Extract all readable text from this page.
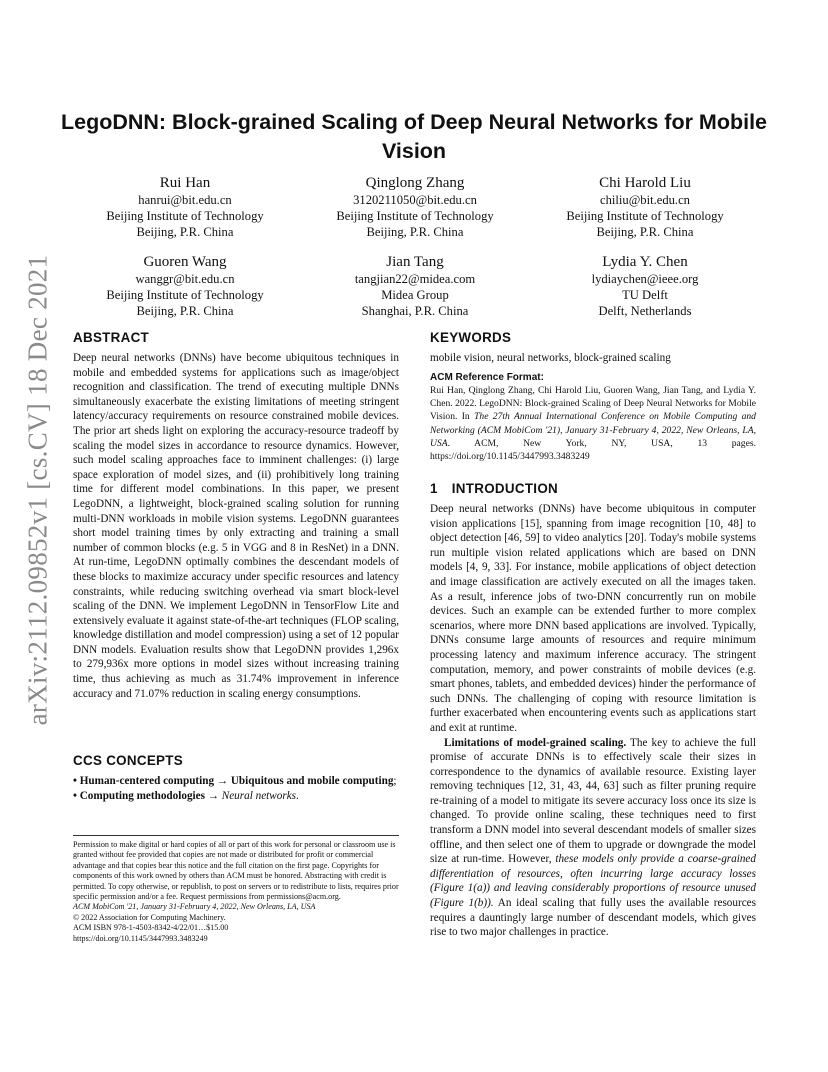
arXiv:2112.09852v1 [cs.CV] 18 Dec 2021
LegoDNN: Block-grained Scaling of Deep Neural Networks for Mobile Vision
Rui Han
hanrui@bit.edu.cn
Beijing Institute of Technology
Beijing, P.R. China
Qinglong Zhang
3120211050@bit.edu.cn
Beijing Institute of Technology
Beijing, P.R. China
Chi Harold Liu
chiliu@bit.edu.cn
Beijing Institute of Technology
Beijing, P.R. China
Guoren Wang
wanggr@bit.edu.cn
Beijing Institute of Technology
Beijing, P.R. China
Jian Tang
tangjian22@midea.com
Midea Group
Shanghai, P.R. China
Lydia Y. Chen
lydiaychen@ieee.org
TU Delft
Delft, Netherlands
ABSTRACT

Deep neural networks (DNNs) have become ubiquitous techniques in mobile and embedded systems for applications such as image/object recognition and classification. The trend of executing multiple DNNs simultaneously exacerbate the existing limitations of meeting stringent latency/accuracy requirements on resource constrained mobile devices. The prior art sheds light on exploring the accuracy-resource tradeoff by scaling the model sizes in accordance to resource dynamics. However, such model scaling approaches face to imminent challenges: (i) large space exploration of model sizes, and (ii) prohibitively long training time for different model combinations. In this paper, we present LegoDNN, a lightweight, block-grained scaling solution for running multi-DNN workloads in mobile vision systems. LegoDNN guarantees short model training times by only extracting and training a small number of common blocks (e.g. 5 in VGG and 8 in ResNet) in a DNN. At run-time, LegoDNN optimally combines the descendant models of these blocks to maximize accuracy under specific resources and latency constraints, while reducing switching overhead via smart block-level scaling of the DNN. We implement LegoDNN in TensorFlow Lite and extensively evaluate it against state-of-the-art techniques (FLOP scaling, knowledge distillation and model compression) using a set of 12 popular DNN models. Evaluation results show that LegoDNN provides 1,296x to 279,936x more options in model sizes without increasing training time, thus achieving as much as 31.74% improvement in inference accuracy and 71.07% reduction in scaling energy consumptions.

CCS CONCEPTS

• Human-centered computing → Ubiquitous and mobile computing; • Computing methodologies → Neural networks.

Permission to make digital or hard copies of all or part of this work for personal or classroom use is granted without fee provided that copies are not made or distributed for profit or commercial advantage and that copies bear this notice and the full citation on the first page. Copyrights for components of this work owned by others than ACM must be honored. Abstracting with credit is permitted. To copy otherwise, or republish, to post on servers or to redistribute to lists, requires prior specific permission and/or a fee. Request permissions from permissions@acm.org.

ACM MobiCom '21, January 31-February 4, 2022, New Orleans, LA, USA

© 2022 Association for Computing Machinery.

ACM ISBN 978-1-4503-8342-4/22/01…$15.00

https://doi.org/10.1145/3447993.3483249

KEYWORDS

mobile vision, neural networks, block-grained scaling

ACM Reference Format:

Rui Han, Qinglong Zhang, Chi Harold Liu, Guoren Wang, Jian Tang, and Lydia Y. Chen. 2022. LegoDNN: Block-grained Scaling of Deep Neural Networks for Mobile Vision. In The 27th Annual International Conference on Mobile Computing and Networking (ACM MobiCom '21), January 31-February 4, 2022, New Orleans, LA, USA. ACM, New York, NY, USA, 13 pages. https://doi.org/10.1145/3447993.3483249

1 INTRODUCTION

Deep neural networks (DNNs) have become ubiquitous in computer vision applications [15], spanning from image recognition [10, 48] to object detection [46, 59] to video analytics [20]. Today's mobile systems run multiple vision related applications which are based on DNN models [4, 9, 33]. For instance, mobile applications of object detection and image classification are actively executed on all the images taken. As a result, inference jobs of two-DNN concurrently run on mobile devices. Such an example can be extended further to more complex scenarios, where more DNN based applications are involved. Typically, DNNs consume large amounts of resources and require minimum processing latency and maximum inference accuracy. The stringent computation, memory, and power constraints of mobile devices (e.g. smart phones, tablets, and embedded devices) hinder the performance of such DNNs. The challenging of coping with resource limitation is further exacerbated when encountering events such as applications start and exit at runtime.

Limitations of model-grained scaling. The key to achieve the full promise of accurate DNNs is to effectively scale their sizes in correspondence to the dynamics of available resource. Existing layer removing techniques [12, 31, 43, 44, 63] such as filter pruning require re-training of a model to mitigate its severe accuracy loss once its size is changed. To provide online scaling, these techniques need to first transform a DNN model into several descendant models of smaller sizes offline, and then select one of them to upgrade or downgrade the model size at run-time. However, these models only provide a coarse-grained differentiation of resources, often incurring large accuracy losses (Figure 1(a)) and leaving considerably proportions of resource unused (Figure 1(b)). An ideal scaling that fully uses the available resources requires a dauntingly large number of descendant models, which gives rise to two major challenges in practice.
